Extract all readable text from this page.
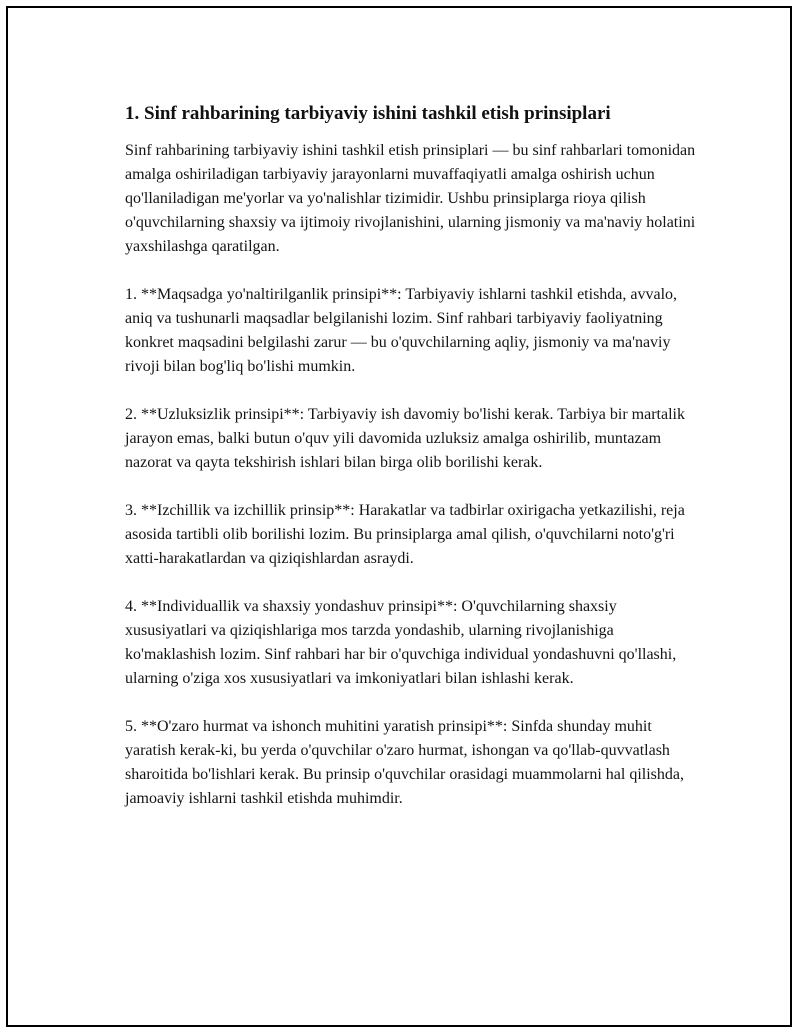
1. Sinf rahbarining tarbiyaviy ishini tashkil etish prinsiplari

Sinf rahbarining tarbiyaviy ishini tashkil etish prinsiplari — bu sinf rahbarlari tomonidan amalga oshiriladigan tarbiyaviy jarayonlarni muvaffaqiyatli amalga oshirish uchun qo'llaniladigan me'yorlar va yo'nalishlar tizimidir. Ushbu prinsiplarga rioya qilish o'quvchilarning shaxsiy va ijtimoiy rivojlanishini, ularning jismoniy va ma'naviy holatini yaxshilashga qaratilgan.

1. **Maqsadga yo'naltirilganlik prinsipi**: Tarbiyaviy ishlarni tashkil etishda, avvalo, aniq va tushunarli maqsadlar belgilanishi lozim. Sinf rahbari tarbiyaviy faoliyatning konkret maqsadini belgilashi zarur — bu o'quvchilarning aqliy, jismoniy va ma'naviy rivoji bilan bog'liq bo'lishi mumkin.

2. **Uzluksizlik prinsipi**: Tarbiyaviy ish davomiy bo'lishi kerak. Tarbiya bir martalik jarayon emas, balki butun o'quv yili davomida uzluksiz amalga oshirilib, muntazam nazorat va qayta tekshirish ishlari bilan birga olib borilishi kerak.

3. **Izchillik va izchillik prinsip**: Harakatlar va tadbirlar oxirigacha yetkazilishi, reja asosida tartibli olib borilishi lozim. Bu prinsiplarga amal qilish, o'quvchilarni noto'g'ri xatti-harakatlardan va qiziqishlardan asraydi.

4. **Individuallik va shaxsiy yondashuv prinsipi**: O'quvchilarning shaxsiy xususiyatlari va qiziqishlariga mos tarzda yondashib, ularning rivojlanishiga ko'maklashish lozim. Sinf rahbari har bir o'quvchiga individual yondashuvni qo'llashi, ularning o'ziga xos xususiyatlari va imkoniyatlari bilan ishlashi kerak.

5. **O'zaro hurmat va ishonch muhitini yaratish prinsipi**: Sinfda shunday muhit yaratish kerak-ki, bu yerda o'quvchilar o'zaro hurmat, ishongan va qo'llab-quvvatlash sharoitida bo'lishlari kerak. Bu prinsip o'quvchilar orasidagi muammolarni hal qilishda, jamoaviy ishlarni tashkil etishda muhimdir.
